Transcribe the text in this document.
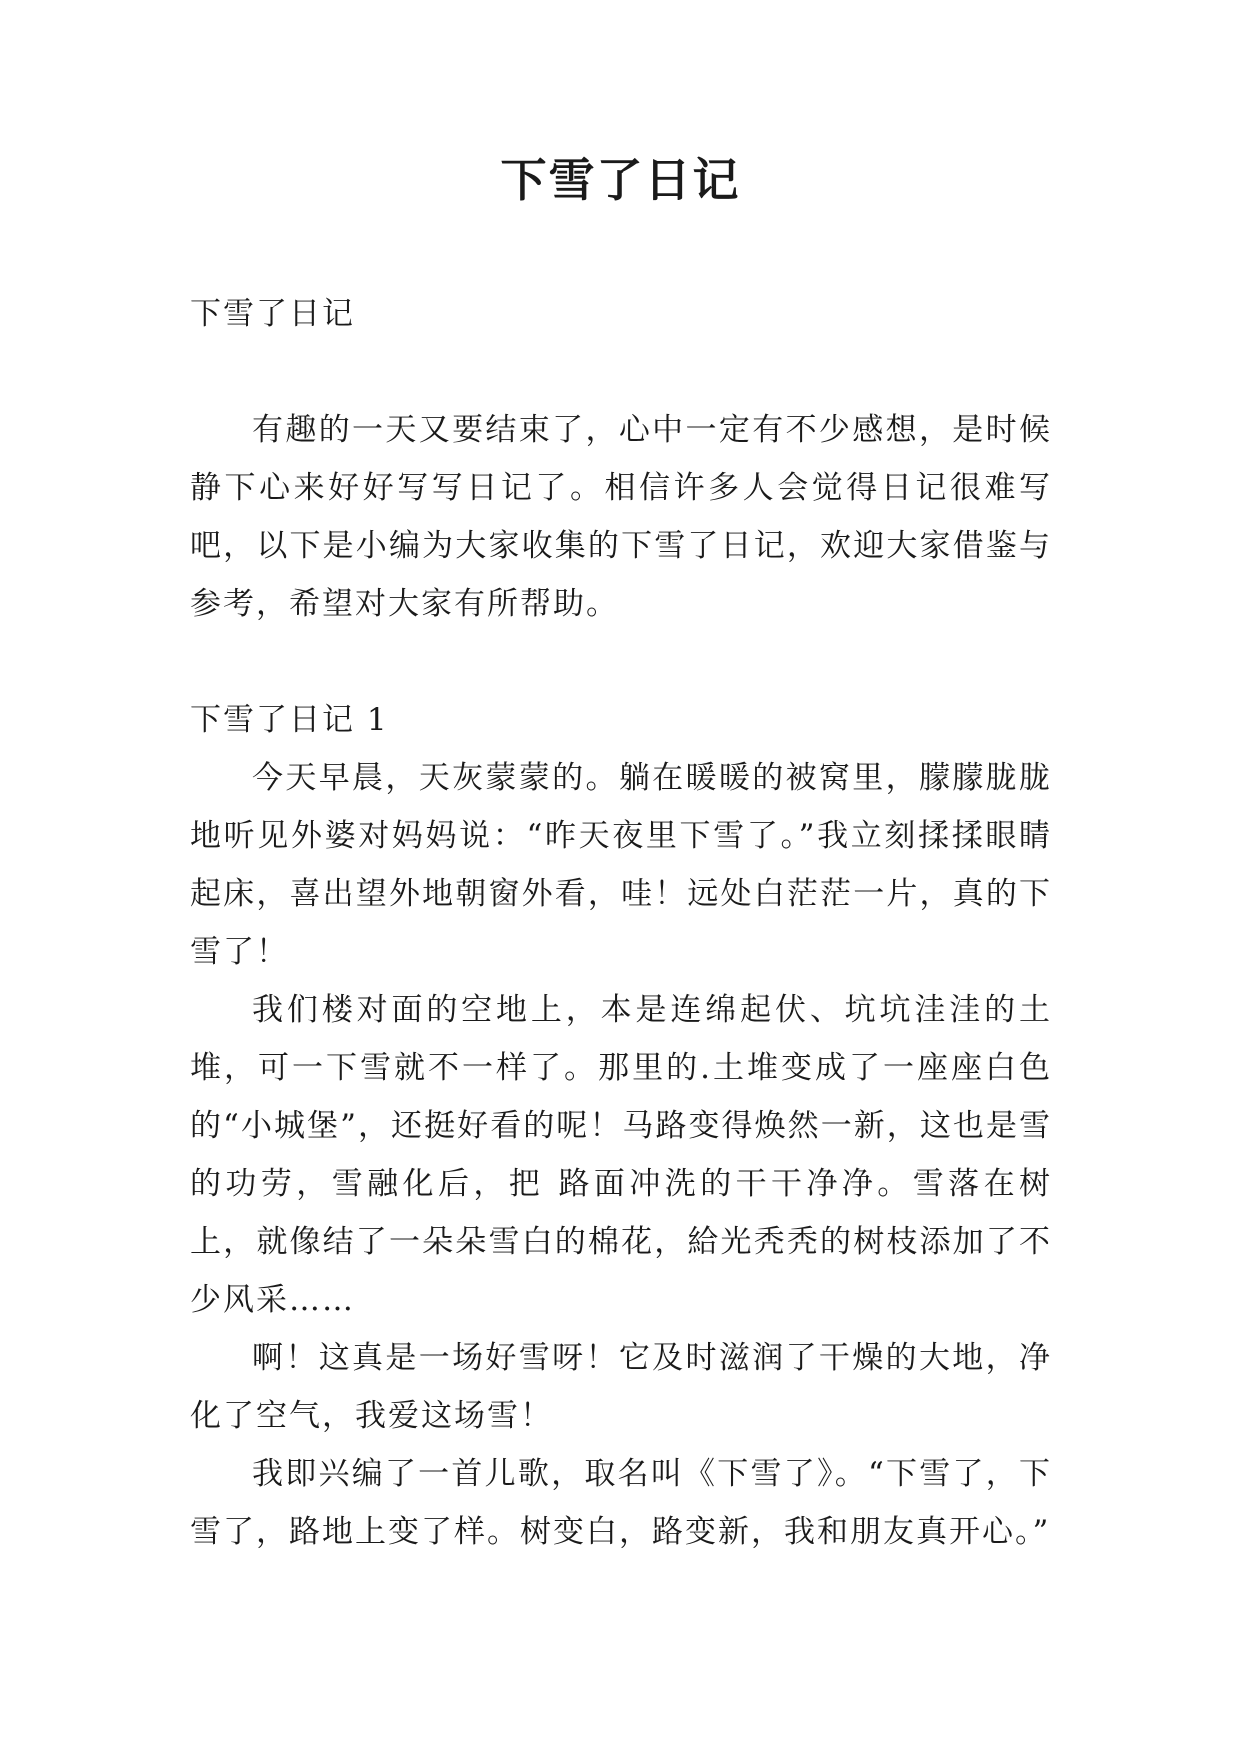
下雪了日记

下雪了日记

有趣的一天又要结束了，心中一定有不少感想，是时候静下心来好好写写日记了。相信许多人会觉得日记很难写吧，以下是小编为大家收集的下雪了日记，欢迎大家借鉴与参考，希望对大家有所帮助。

下雪了日记 1

今天早晨，天灰蒙蒙的。躺在暖暖的被窝里，朦朦胧胧地听见外婆对妈妈说：“昨天夜里下雪了。”我立刻揉揉眼睛起床，喜出望外地朝窗外看，哇！远处白茫茫一片，真的下雪了！

我们楼对面的空地上，本是连绵起伏、坑坑洼洼的土堆，可一下雪就不一样了。那里的.土堆变成了一座座白色的“小城堡”，还挺好看的呢！马路变得焕然一新，这也是雪的功劳，雪融化后，把 路面冲洗的干干净净。雪落在树上，就像结了一朵朵雪白的棉花，給光秃秃的树枝添加了不少风采……

啊！这真是一场好雪呀！它及时滋润了干燥的大地，净化了空气，我爱这场雪！

我即兴编了一首儿歌，取名叫《下雪了》。“下雪了，下雪了，路地上变了样。树变白，路变新，我和朋友真开心。”
